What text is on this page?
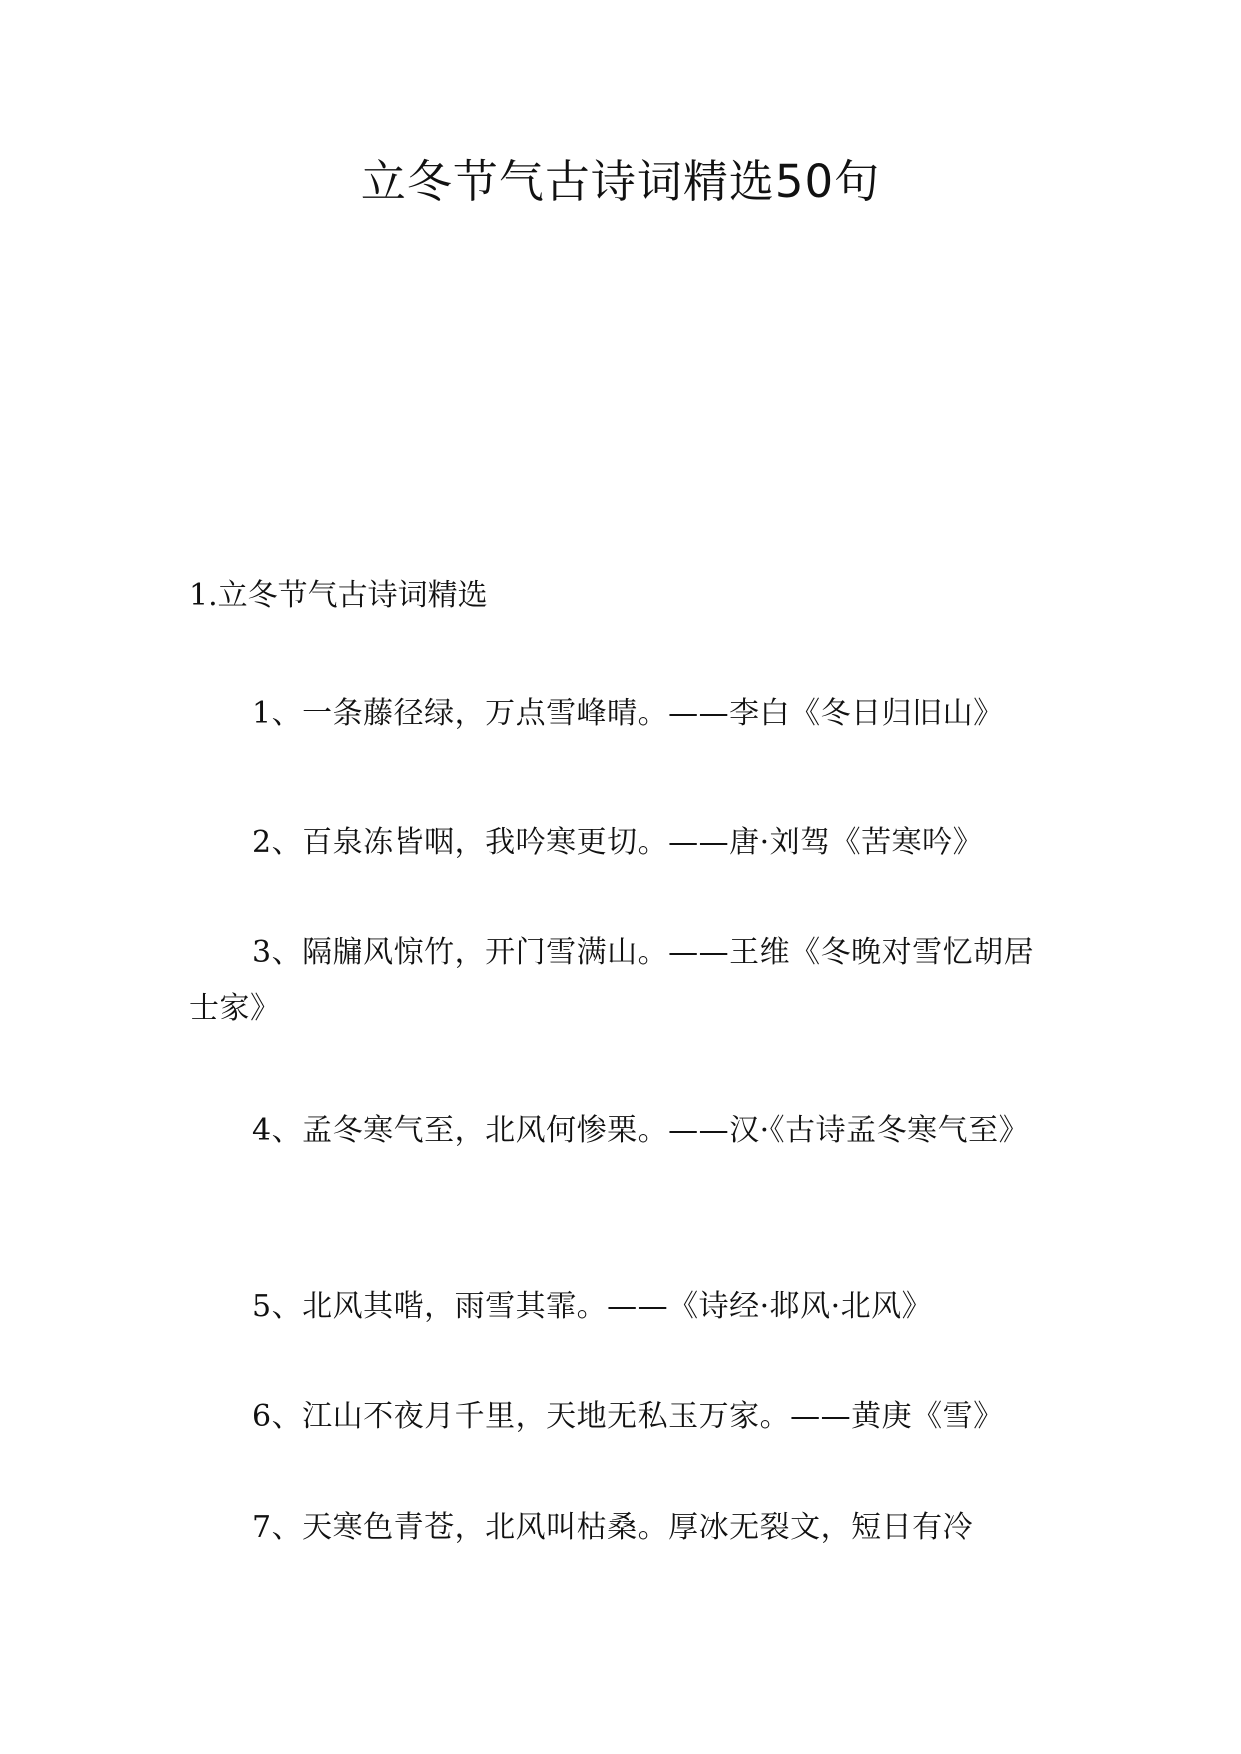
立冬节气古诗词精选50句

1.立冬节气古诗词精选

1、一条藤径绿，万点雪峰晴。——李白《冬日归旧山》

2、百泉冻皆咽，我吟寒更切。——唐·刘驾《苦寒吟》

3、隔牖风惊竹，开门雪满山。——王维《冬晚对雪忆胡居士家》

4、孟冬寒气至，北风何惨栗。——汉·《古诗孟冬寒气至》

5、北风其喈，雨雪其霏。——《诗经·邶风·北风》

6、江山不夜月千里，天地无私玉万家。——黄庚《雪》

7、天寒色青苍，北风叫枯桑。厚冰无裂文，短日有冷
